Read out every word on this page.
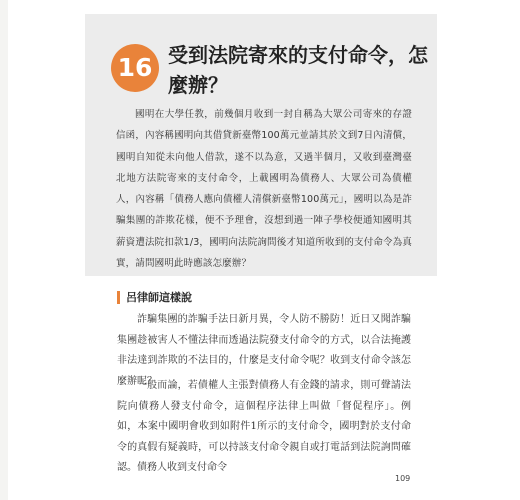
16 受到法院寄來的支付命令，怎麼辦？

國明在大學任教，前幾個月收到一封自稱為大眾公司寄來的存證信函，內容稱國明向其借貸新臺幣100萬元並請其於文到7日內清償，國明自知從未向他人借款，遂不以為意，又過半個月，又收到臺灣臺北地方法院寄來的支付命令，上載國明為債務人、大眾公司為債權人，內容稱「債務人應向債權人清償新臺幣100萬元」，國明以為是詐騙集團的詐欺花樣，便不予理會，沒想到過一陣子學校便通知國明其薪資遭法院扣款1/3，國明向法院詢問後才知道所收到的支付命令為真實，請問國明此時應該怎麼辦？

呂律師這樣說

詐騙集團的詐騙手法日新月異，令人防不勝防！近日又聞詐騙集團趁被害人不懂法律而透過法院發支付命令的方式，以合法掩護非法達到詐欺的不法目的，什麼是支付命令呢？收到支付命令該怎麼辦呢？

一般而論，若債權人主張對債務人有金錢的請求，則可聲請法院向債務人發支付命令，這個程序法律上叫做「督促程序」。例如，本案中國明會收到如附件1所示的支付命令，國明對於支付命令的真假有疑義時，可以持該支付命令親自或打電話到法院詢問確認。債務人收到支付命令

109
